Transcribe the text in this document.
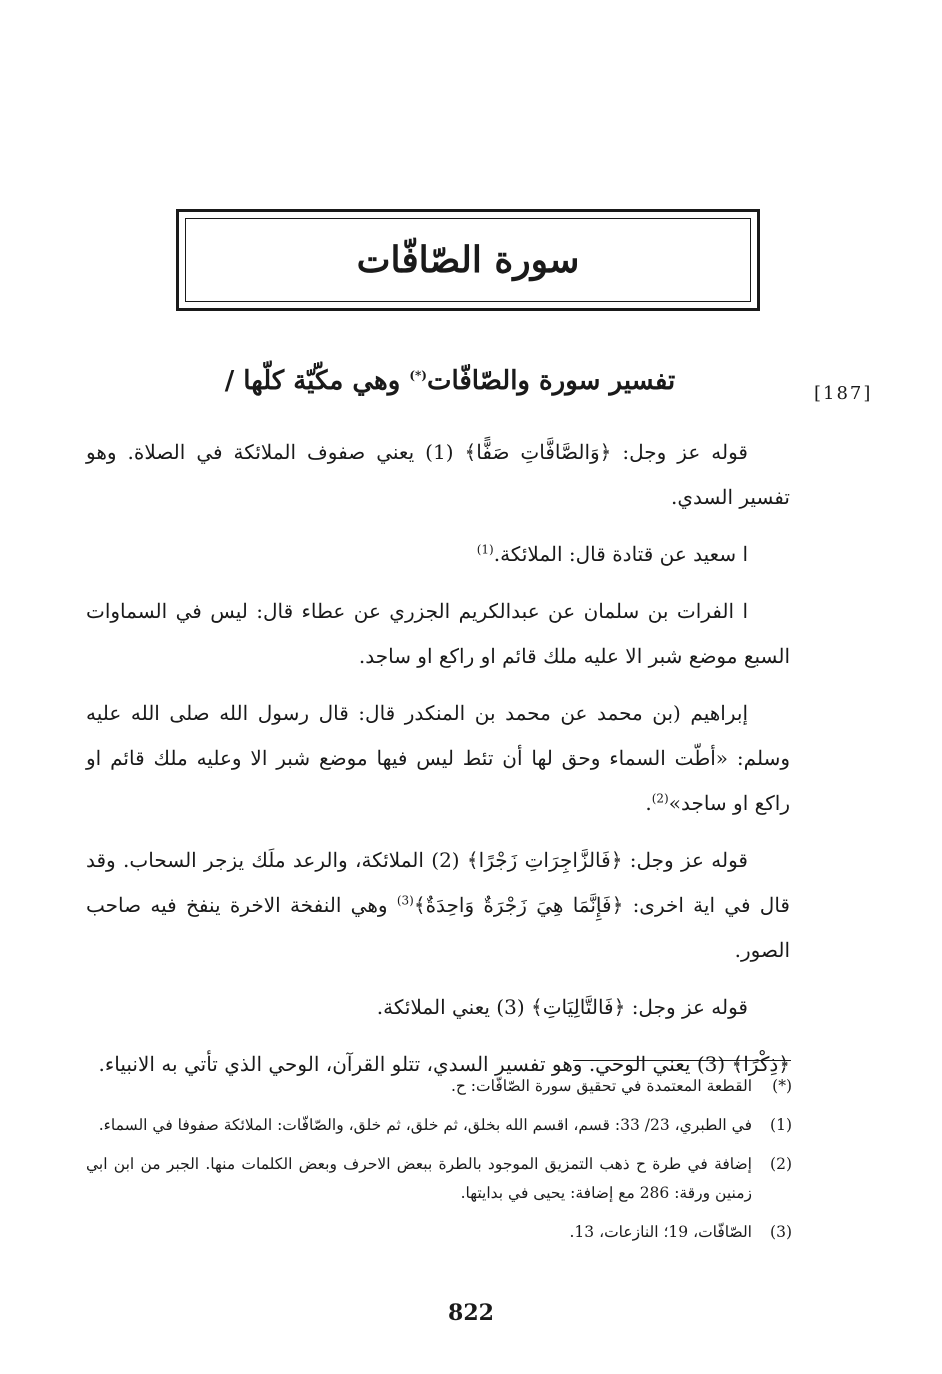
سورة الصّافّات
[187]
تفسير سورة والصّافّات(*) وهي مكّيّة كلّها /

قوله عز وجل: ﴿وَالصَّافَّاتِ صَفًّا﴾ (1) يعني صفوف الملائكة في الصلاة. وهو تفسير السدي.

ا سعيد عن قتادة قال: الملائكة.$^{(1)}$

ا الفرات بن سلمان عن عبدالكريم الجزري عن عطاء قال: ليس في السماوات السبع موضع شبر الا عليه ملك قائم او راكع او ساجد.

إبراهيم (بن محمد عن محمد بن المنكدر قال: قال رسول الله صلى الله عليه وسلم: «أطّت السماء وحق لها أن تئط ليس فيها موضع شبر الا وعليه ملك قائم او راكع او ساجد»$^{(2)}$.

قوله عز وجل: ﴿فَالزَّاجِرَاتِ زَجْرًا﴾ (2) الملائكة، والرعد ملَك يزجر السحاب. وقد قال في اية اخرى: ﴿فَإِنَّمَا هِيَ زَجْرَةٌ وَاحِدَةٌ﴾$^{(3)}$ وهي النفخة الاخرة ينفخ فيه صاحب الصور.

قوله عز وجل: ﴿فَالتَّالِيَاتِ﴾ (3) يعني الملائكة.

﴿ذِكْرًا﴾ (3) يعني الوحي. وهو تفسير السدي، تتلو القرآن، الوحي الذي تأتي به الانبياء.

(*)
القطعة المعتمدة في تحقيق سورة الصّافّات: ح.
(1)
في الطبري، 23/ 33: قسم، اقسم الله بخلق، ثم خلق، ثم خلق، والصّافّات: الملائكة صفوفا في السماء.
(2)
إضافة في طرة ح ذهب التمزيق الموجود بالطرة ببعض الاحرف وبعض الكلمات منها. الجبر من ابن ابي زمنين ورقة: 286 مع إضافة: يحيى في بدايتها.
(3)
الصّافّات، 19؛ النازعات، 13.
822
